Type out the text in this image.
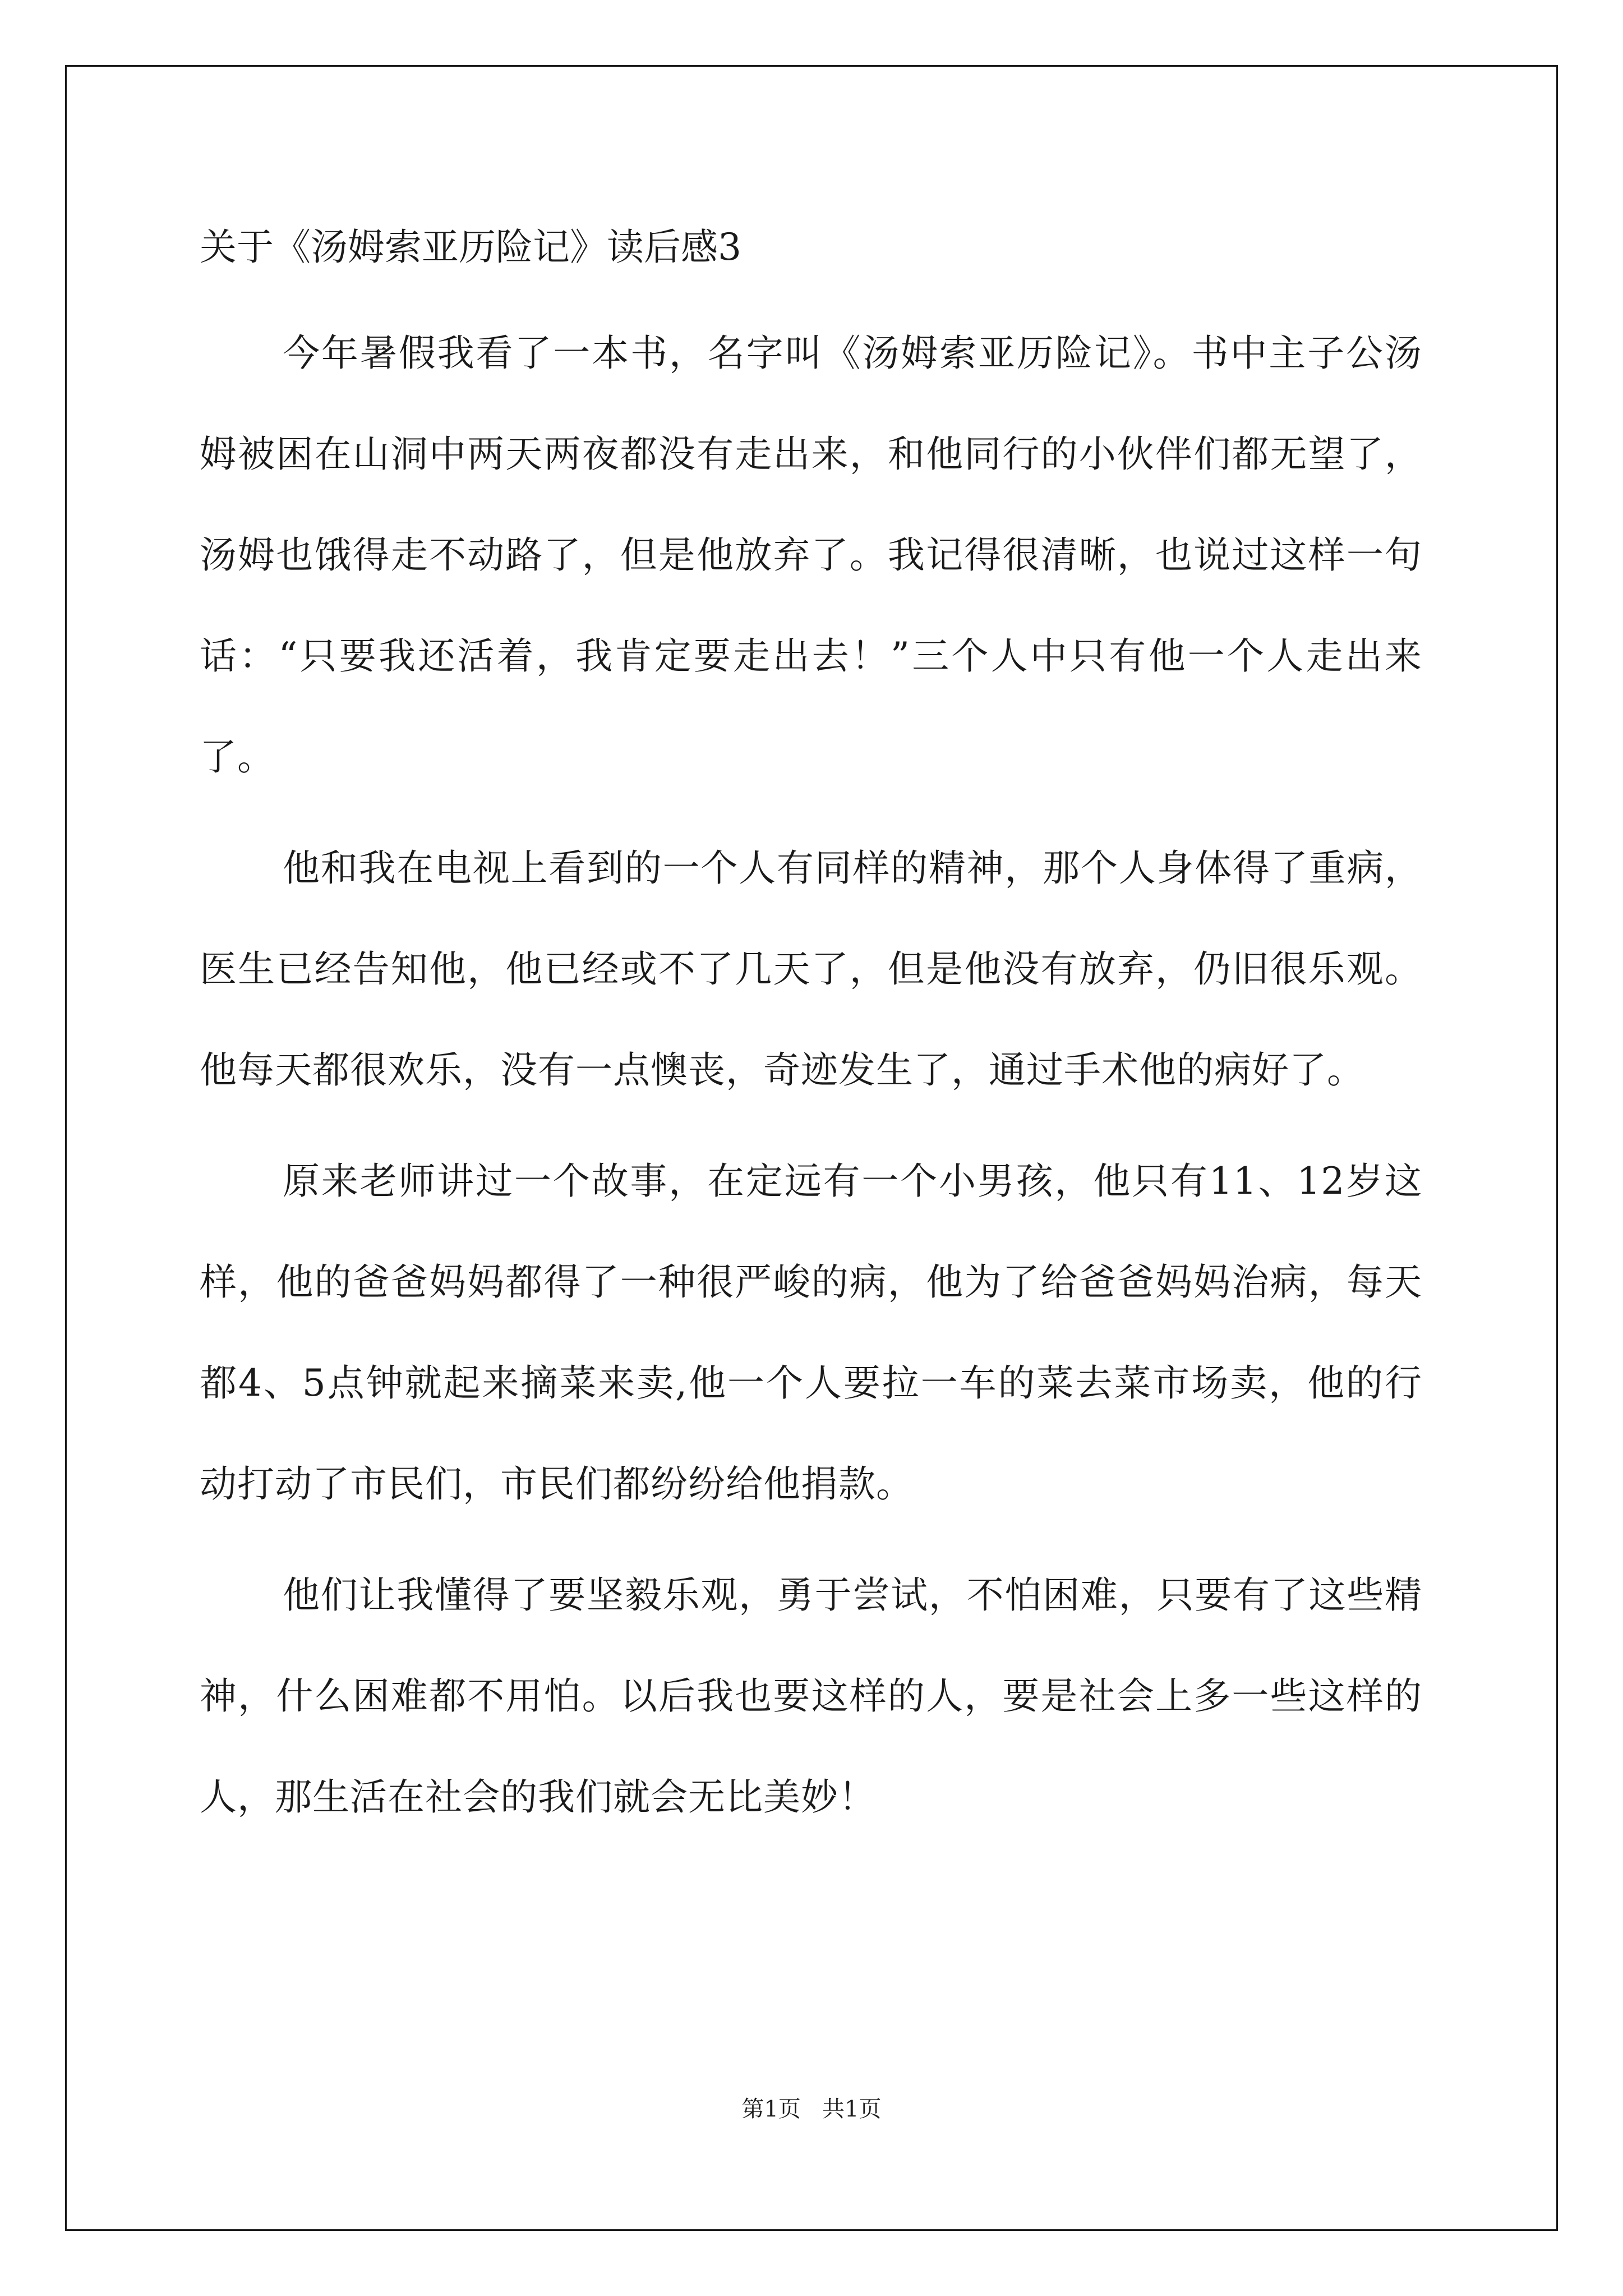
关于《汤姆索亚历险记》读后感3

今年暑假我看了一本书，名字叫《汤姆索亚历险记》。书中主子公汤姆被困在山洞中两天两夜都没有走出来，和他同行的小伙伴们都无望了，汤姆也饿得走不动路了，但是他放弃了。我记得很清晰，也说过这样一句话：“只要我还活着，我肯定要走出去！”三个人中只有他一个人走出来了。

他和我在电视上看到的一个人有同样的精神，那个人身体得了重病，医生已经告知他，他已经或不了几天了，但是他没有放弃，仍旧很乐观。他每天都很欢乐，没有一点懊丧，奇迹发生了，通过手术他的病好了。

原来老师讲过一个故事，在定远有一个小男孩，他只有11、12岁这样，他的爸爸妈妈都得了一种很严峻的病，他为了给爸爸妈妈治病，每天都4、5点钟就起来摘菜来卖,他一个人要拉一车的菜去菜市场卖，他的行动打动了市民们，市民们都纷纷给他捐款。

他们让我懂得了要坚毅乐观，勇于尝试，不怕困难，只要有了这些精神，什么困难都不用怕。以后我也要这样的人，要是社会上多一些这样的人，那生活在社会的我们就会无比美妙！

第1页   共1页
